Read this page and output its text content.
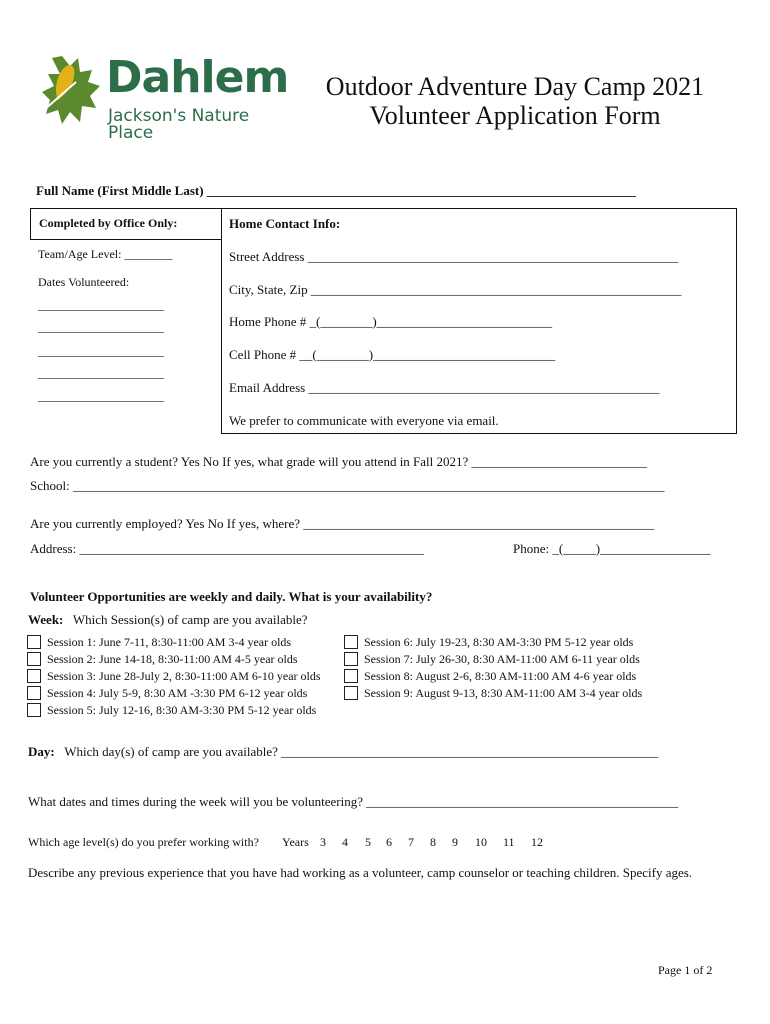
Dahlem
Jackson's Nature Place
Outdoor Adventure Day Camp 2021
Volunteer Application Form
Full Name (First Middle Last) __________________________________________________________________
Completed by Office Only:
Team/Age Level: ________
Dates Volunteered:
_____________________
_____________________
_____________________
_____________________
_____________________
Home Contact Info:
Street Address _________________________________________________________
City, State, Zip _________________________________________________________
Home Phone # _(________)___________________________
Cell Phone # __(________)____________________________
Email Address ______________________________________________________
We prefer to communicate with everyone via email.
Are you currently a student? Yes No If yes, what grade will you attend in Fall 2021? ___________________________
School: ___________________________________________________________________________________________
Are you currently employed? Yes No If yes, where? ______________________________________________________
Address: _____________________________________________________	Phone: _(_____)_________________
Volunteer Opportunities are weekly and daily. What is your availability?
Week: Which Session(s) of camp are you available?
Session 1: June 7-11, 8:30-11:00 AM 3-4 year olds
Session 2: June 14-18, 8:30-11:00 AM 4-5 year olds
Session 3: June 28-July 2, 8:30-11:00 AM 6-10 year olds
Session 4: July 5-9, 8:30 AM -3:30 PM 6-12 year olds
Session 5: July 12-16, 8:30 AM-3:30 PM 5-12 year olds
Session 6: July 19-23, 8:30 AM-3:30 PM 5-12 year olds
Session 7: July 26-30, 8:30 AM-11:00 AM 6-11 year olds
Session 8: August 2-6, 8:30 AM-11:00 AM 4-6 year olds
Session 9: August 9-13, 8:30 AM-11:00 AM 3-4 year olds
Day: Which day(s) of camp are you available? __________________________________________________________
What dates and times during the week will you be volunteering? ________________________________________________
Which age level(s) do you prefer working with? Years 3 4 5 6 7 8 9 10 11 12
Describe any previous experience that you have had working as a volunteer, camp counselor or teaching children. Specify ages.
Page 1 of 2
